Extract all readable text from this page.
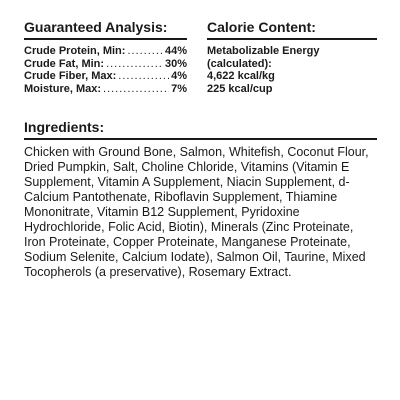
Guaranteed Analysis:
Crude Protein, Min: .....	44%
Crude Fat, Min: .....	30%
Crude Fiber, Max: .....	4%
Moisture, Max: .....	7%
Calorie Content:
Metabolizable Energy
(calculated):
4,622 kcal/kg
225 kcal/cup
Ingredients:

Chicken with Ground Bone, Salmon, Whitefish, Coconut Flour, Dried Pumpkin, Salt, Choline Chloride, Vitamins (Vitamin E Supplement, Vitamin A Supplement, Niacin Supplement, d-Calcium Pantothenate, Riboflavin Supplement, Thiamine Mononitrate, Vitamin B12 Supplement, Pyridoxine Hydrochloride, Folic Acid, Biotin), Minerals (Zinc Proteinate, Iron Proteinate, Copper Proteinate, Manganese Proteinate, Sodium Selenite, Calcium Iodate), Salmon Oil, Taurine, Mixed Tocopherols (a preservative), Rosemary Extract.
